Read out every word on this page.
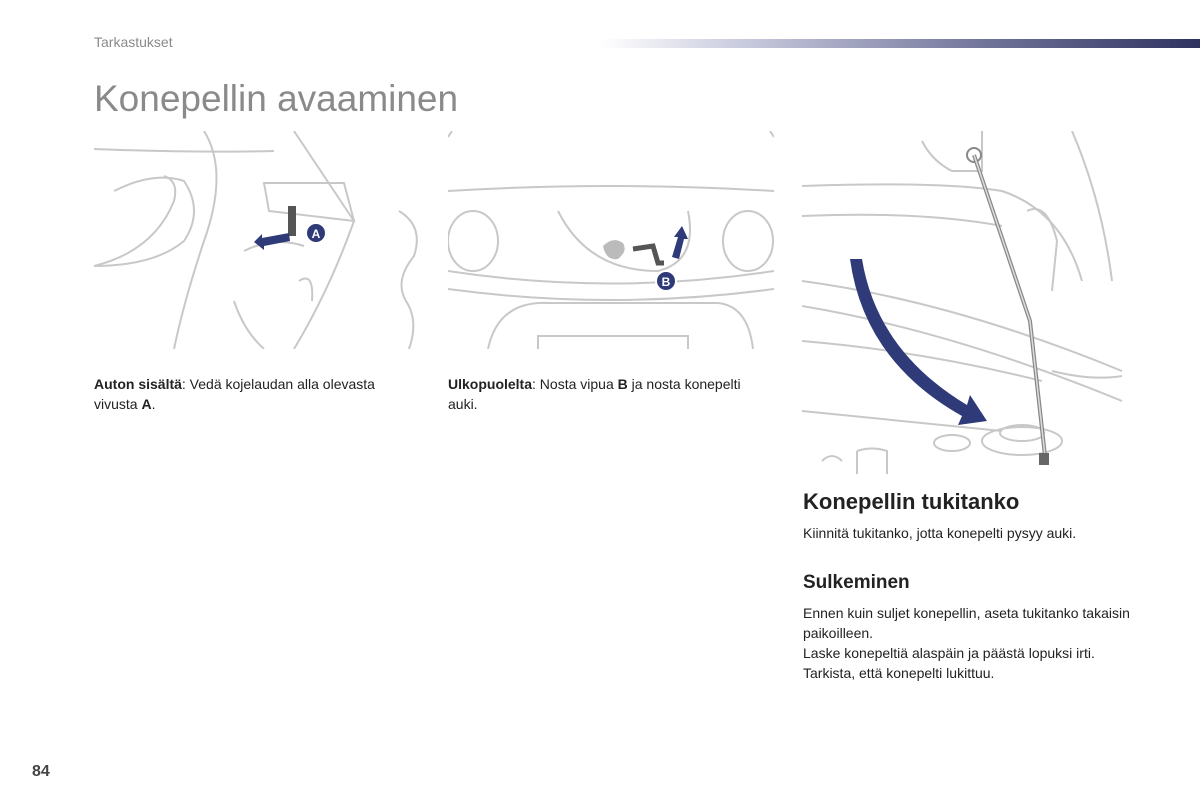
Tarkastukset
Konepellin avaaminen
A
B
Auton sisältä: Vedä kojelaudan alla olevasta vivusta A.
Ulkopuolelta: Nosta vipua B ja nosta konepelti auki.
Konepellin tukitanko
Kiinnitä tukitanko, jotta konepelti pysyy auki.
Sulkeminen
Ennen kuin suljet konepellin, aseta tukitanko takaisin paikoilleen.
Laske konepeltiä alaspäin ja päästä lopuksi irti.
Tarkista, että konepelti lukittuu.
84
